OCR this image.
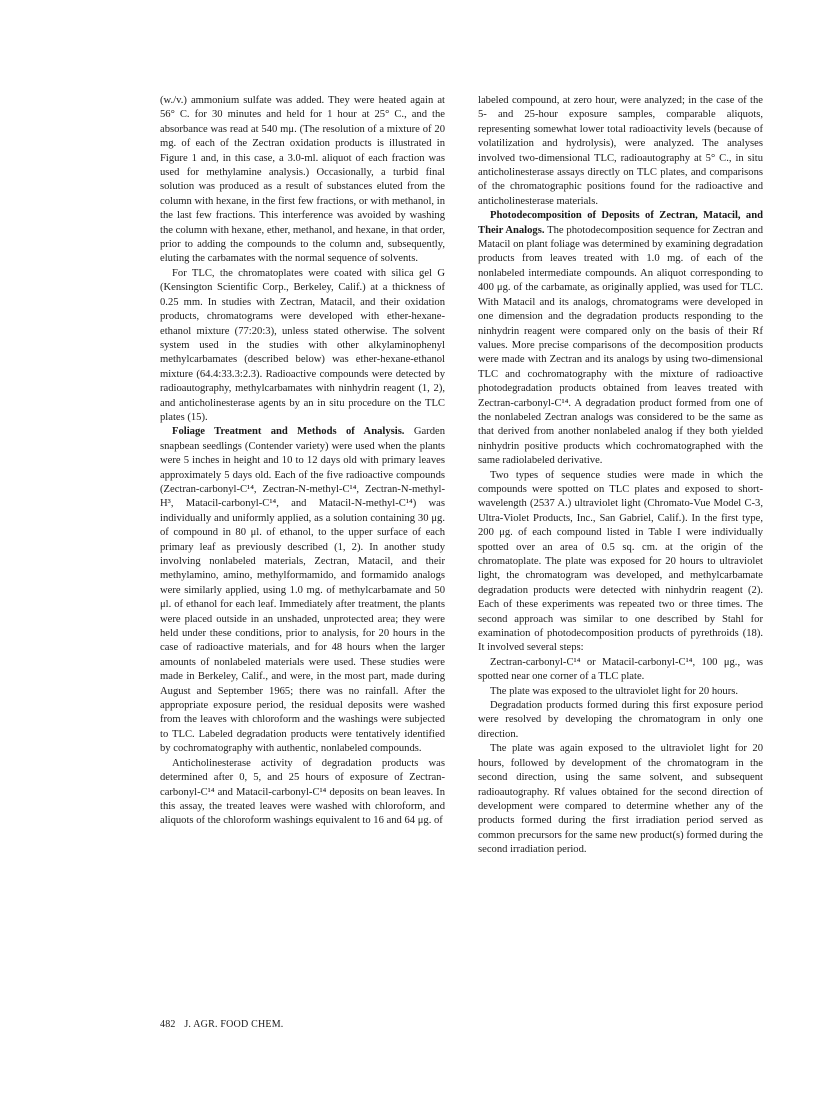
(w./v.) ammonium sulfate was added. They were heated again at 56° C. for 30 minutes and held for 1 hour at 25° C., and the absorbance was read at 540 mμ. (The resolution of a mixture of 20 mg. of each of the Zectran oxidation products is illustrated in Figure 1 and, in this case, a 3.0-ml. aliquot of each fraction was used for methylamine analysis.) Occasionally, a turbid final solution was produced as a result of substances eluted from the column with hexane, in the first few fractions, or with methanol, in the last few fractions. This interference was avoided by washing the column with hexane, ether, methanol, and hexane, in that order, prior to adding the compounds to the column and, subsequently, eluting the carbamates with the normal sequence of solvents.

For TLC, the chromatoplates were coated with silica gel G (Kensington Scientific Corp., Berkeley, Calif.) at a thickness of 0.25 mm. In studies with Zectran, Matacil, and their oxidation products, chromatograms were developed with ether-hexane-ethanol mixture (77:20:3), unless stated otherwise. The solvent system used in the studies with other alkylaminophenyl methylcarbamates (described below) was ether-hexane-ethanol mixture (64.4:33.3:2.3). Radioactive compounds were detected by radioautography, methylcarbamates with ninhydrin reagent (1, 2), and anticholinesterase agents by an in situ procedure on the TLC plates (15).

Foliage Treatment and Methods of Analysis. Garden snapbean seedlings (Contender variety) were used when the plants were 5 inches in height and 10 to 12 days old with primary leaves approximately 5 days old. Each of the five radioactive compounds (Zectran-carbonyl-C¹⁴, Zectran-N-methyl-C¹⁴, Zectran-N-methyl-H³, Matacil-carbonyl-C¹⁴, and Matacil-N-methyl-C¹⁴) was individually and uniformly applied, as a solution containing 30 μg. of compound in 80 μl. of ethanol, to the upper surface of each primary leaf as previously described (1, 2). In another study involving nonlabeled materials, Zectran, Matacil, and their methylamino, amino, methylformamido, and formamido analogs were similarly applied, using 1.0 mg. of methylcarbamate and 50 μl. of ethanol for each leaf. Immediately after treatment, the plants were placed outside in an unshaded, unprotected area; they were held under these conditions, prior to analysis, for 20 hours in the case of radioactive materials, and for 48 hours when the larger amounts of nonlabeled materials were used. These studies were made in Berkeley, Calif., and were, in the most part, made during August and September 1965; there was no rainfall. After the appropriate exposure period, the residual deposits were washed from the leaves with chloroform and the washings were subjected to TLC. Labeled degradation products were tentatively identified by cochromatography with authentic, nonlabeled compounds.

Anticholinesterase activity of degradation products was determined after 0, 5, and 25 hours of exposure of Zectran-carbonyl-C¹⁴ and Matacil-carbonyl-C¹⁴ deposits on bean leaves. In this assay, the treated leaves were washed with chloroform, and aliquots of the chloroform washings equivalent to 16 and 64 μg. of

labeled compound, at zero hour, were analyzed; in the case of the 5- and 25-hour exposure samples, comparable aliquots, representing somewhat lower total radioactivity levels (because of volatilization and hydrolysis), were analyzed. The analyses involved two-dimensional TLC, radioautography at 5° C., in situ anticholinesterase assays directly on TLC plates, and comparisons of the chromatographic positions found for the radioactive and anticholinesterase materials.

Photodecomposition of Deposits of Zectran, Matacil, and Their Analogs. The photodecomposition sequence for Zectran and Matacil on plant foliage was determined by examining degradation products from leaves treated with 1.0 mg. of each of the nonlabeled intermediate compounds. An aliquot corresponding to 400 μg. of the carbamate, as originally applied, was used for TLC. With Matacil and its analogs, chromatograms were developed in one dimension and the degradation products responding to the ninhydrin reagent were compared only on the basis of their Rf values. More precise comparisons of the decomposition products were made with Zectran and its analogs by using two-dimensional TLC and cochromatography with the mixture of radioactive photodegradation products obtained from leaves treated with Zectran-carbonyl-C¹⁴. A degradation product formed from one of the nonlabeled Zectran analogs was considered to be the same as that derived from another nonlabeled analog if they both yielded ninhydrin positive products which cochromatographed with the same radiolabeled derivative.

Two types of sequence studies were made in which the compounds were spotted on TLC plates and exposed to short-wavelength (2537 A.) ultraviolet light (Chromato-Vue Model C-3, Ultra-Violet Products, Inc., San Gabriel, Calif.). In the first type, 200 μg. of each compound listed in Table I were individually spotted over an area of 0.5 sq. cm. at the origin of the chromatoplate. The plate was exposed for 20 hours to ultraviolet light, the chromatogram was developed, and methylcarbamate degradation products were detected with ninhydrin reagent (2). Each of these experiments was repeated two or three times. The second approach was similar to one described by Stahl for examination of photodecomposition products of pyrethroids (18). It involved several steps:

Zectran-carbonyl-C¹⁴ or Matacil-carbonyl-C¹⁴, 100 μg., was spotted near one corner of a TLC plate.

The plate was exposed to the ultraviolet light for 20 hours.

Degradation products formed during this first exposure period were resolved by developing the chromatogram in only one direction.

The plate was again exposed to the ultraviolet light for 20 hours, followed by development of the chromatogram in the second direction, using the same solvent, and subsequent radioautography. Rf values obtained for the second direction of development were compared to determine whether any of the products formed during the first irradiation period served as common precursors for the same new product(s) formed during the second irradiation period.

482 J. AGR. FOOD CHEM.
